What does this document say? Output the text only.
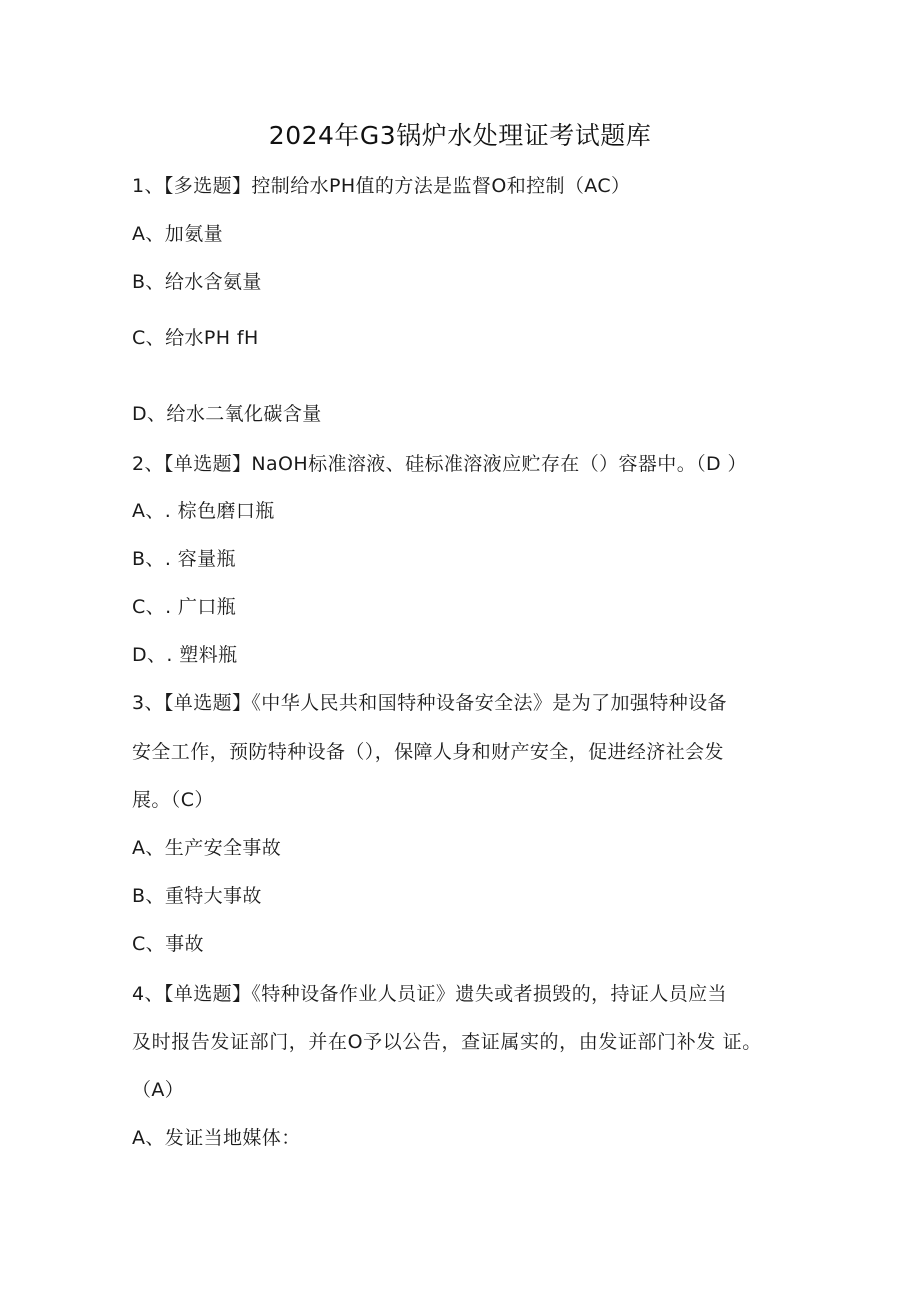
2024年G3锅炉水处理证考试题库
1、【多选题】控制给水PH值的方法是监督O和控制（AC）
A、加氨量
B、给水含氨量
C、给水PH fH
D、给水二氧化碳含量
2、【单选题】NaOH标准溶液、硅标准溶液应贮存在（）容器中。（D ）
A、. 棕色磨口瓶
B、. 容量瓶
C、. 广口瓶
D、. 塑料瓶
3、【单选题】《中华人民共和国特种设备安全法》是为了加强特种设备
安全工作，预防特种设备（），保障人身和财产安全，促进经济社会发
展。（C）
A、生产安全事故
B、重特大事故
C、事故
4、【单选题】《特种设备作业人员证》遗失或者损毁的，持证人员应当
及时报告发证部门，并在O予以公告，查证属实的，由发证部门补发 证。
（A）
A、发证当地媒体：
